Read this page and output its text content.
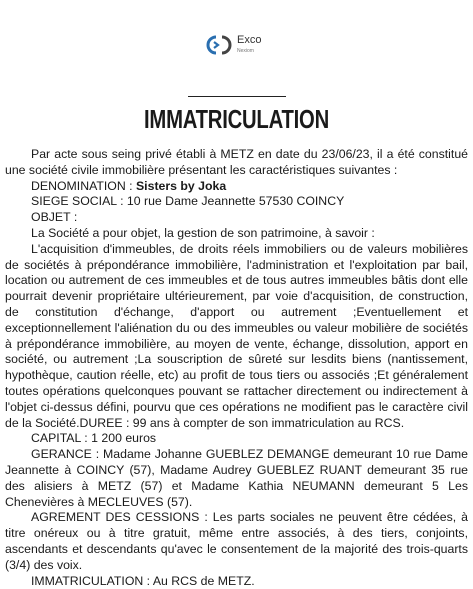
Exco
Nexiom
IMMATRICULATION

Par acte sous seing privé établi à METZ en date du 23/06/23, il a été constitué une société civile immobilière présentant les caractéristiques suivantes :

DENOMINATION : Sisters by Joka

SIEGE SOCIAL : 10 rue Dame Jeannette 57530 COINCY

OBJET :

La Société a pour objet, la gestion de son patrimoine, à savoir :

L'acquisition d'immeubles, de droits réels immobiliers ou de valeurs mobilières de sociétés à prépondérance immobilière, l'administration et l'exploitation par bail, location ou autrement de ces immeubles et de tous autres immeubles bâtis dont elle pourrait devenir propriétaire ultérieurement, par voie d'acquisition, de construction, de constitution d'échange, d'apport ou autrement ;Eventuellement et exceptionnellement l'aliénation du ou des immeubles ou valeur mobilière de sociétés à prépondérance immobilière, au moyen de vente, échange, dissolution, apport en société, ou autrement ;La souscription de sûreté sur lesdits biens (nantissement, hypothèque, caution réelle, etc) au profit de tous tiers ou associés ;Et généralement toutes opérations quelconques pouvant se rattacher directement ou indirectement à l'objet ci-dessus défini, pourvu que ces opérations ne modifient pas le caractère civil de la Société.DUREE : 99 ans à compter de son immatriculation au RCS.

CAPITAL : 1 200 euros

GERANCE : Madame Johanne GUEBLEZ DEMANGE demeurant 10 rue Dame Jeannette à COINCY (57), Madame Audrey GUEBLEZ RUANT demeurant 35 rue des alisiers à METZ (57) et Madame Kathia NEUMANN demeurant 5 Les Chenevières à MECLEUVES (57).

AGREMENT DES CESSIONS : Les parts sociales ne peuvent être cédées, à titre onéreux ou à titre gratuit, même entre associés, à des tiers, conjoints, ascendants et descendants qu'avec le consentement de la majorité des trois-quarts (3/4) des voix.

IMMATRICULATION : Au RCS de METZ.
